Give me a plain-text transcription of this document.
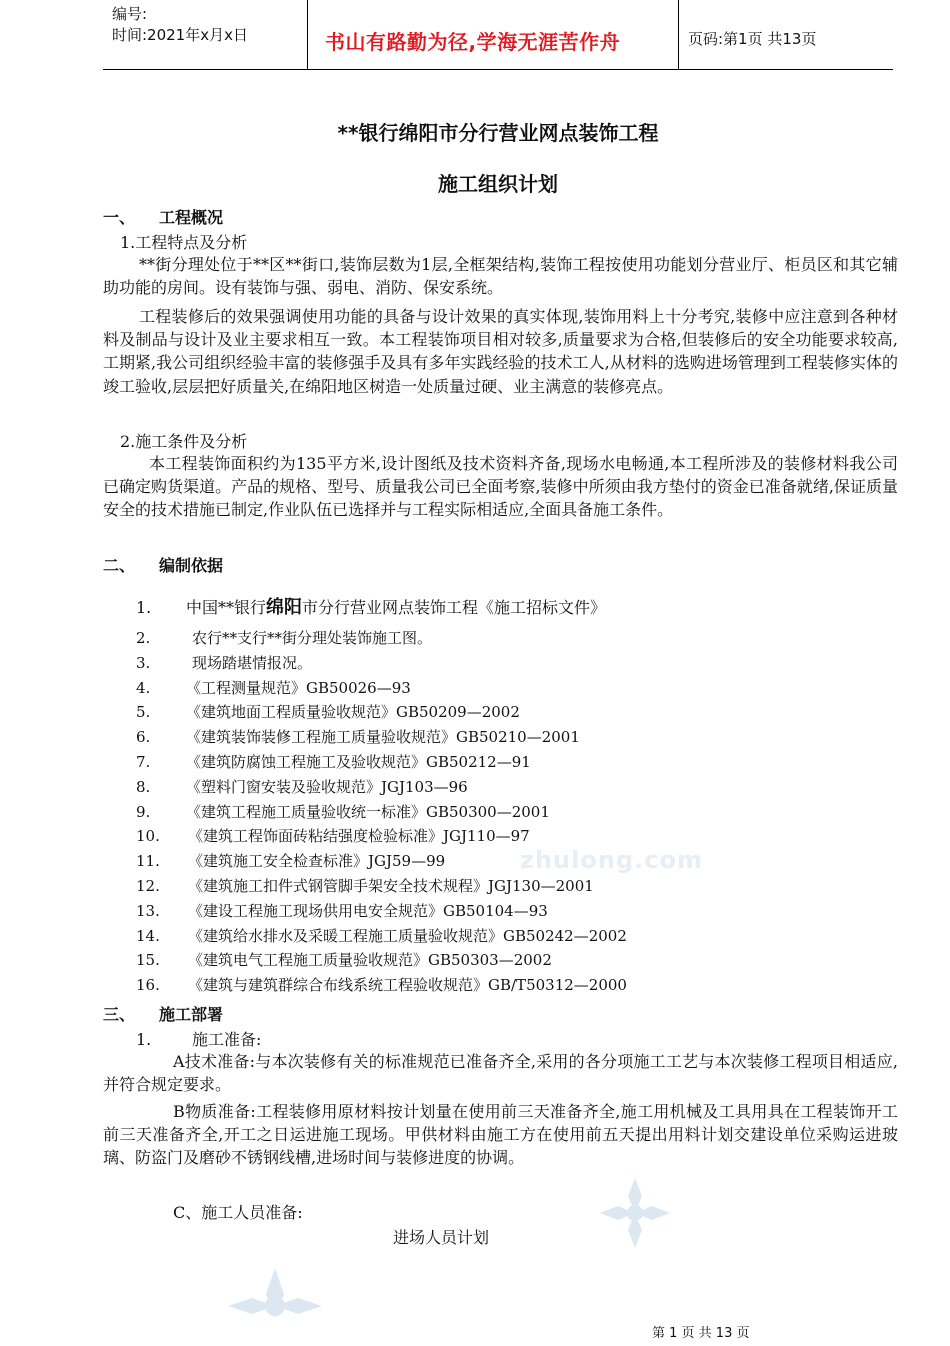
编号:
时间:2021年x月x日	书山有路勤为径,学海无涯苦作舟	页码:第1页 共13页
zhulong.com
**银行绵阳市分行营业网点装饰工程
施工组织计划
一、 工程概况
1.工程特点及分析
**街分理处位于**区**街口,装饰层数为1层,全框架结构,装饰工程按使用功能划分营业厅、柜员区和其它辅助功能的房间。设有装饰与强、弱电、消防、保安系统。
工程装修后的效果强调使用功能的具备与设计效果的真实体现,装饰用料上十分考究,装修中应注意到各种材料及制品与设计及业主要求相互一致。本工程装饰项目相对较多,质量要求为合格,但装修后的安全功能要求较高,工期紧,我公司组织经验丰富的装修强手及具有多年实践经验的技术工人,从材料的选购进场管理到工程装修实体的竣工验收,层层把好质量关,在绵阳地区树造一处质量过硬、业主满意的装修亮点。
2.施工条件及分析
本工程装饰面积约为135平方米,设计图纸及技术资料齐备,现场水电畅通,本工程所涉及的装修材料我公司已确定购货渠道。产品的规格、型号、质量我公司已全面考察,装修中所须由我方垫付的资金已准备就绪,保证质量安全的技术措施已制定,作业队伍已选择并与工程实际相适应,全面具备施工条件。
二、 编制依据
1. 中国**银行绵阳市分行营业网点装饰工程《施工招标文件》
2.	农行**支行**街分理处装饰施工图。
3.	现场踏堪情报况。
4. 《工程测量规范》GB50026—93
5. 《建筑地面工程质量验收规范》GB50209—2002
6. 《建筑装饰装修工程施工质量验收规范》GB50210—2001
7. 《建筑防腐蚀工程施工及验收规范》GB50212—91
8. 《塑料门窗安装及验收规范》JGJ103—96
9. 《建筑工程施工质量验收统一标准》GB50300—2001
10. 《建筑工程饰面砖粘结强度检验标准》JGJ110—97
11. 《建筑施工安全检查标准》JGJ59—99
12. 《建筑施工扣件式钢管脚手架安全技术规程》JGJ130—2001
13. 《建设工程施工现场供用电安全规范》GB50104—93
14. 《建筑给水排水及采暖工程施工质量验收规范》GB50242—2002
15. 《建筑电气工程施工质量验收规范》GB50303—2002
16. 《建筑与建筑群综合布线系统工程验收规范》GB/T50312—2000
三、 施工部署
1.	施工准备:
A技术准备:与本次装修有关的标准规范已准备齐全,采用的各分项施工工艺与本次装修工程项目相适应,并符合规定要求。
B物质准备:工程装修用原材料按计划量在使用前三天准备齐全,施工用机械及工具用具在工程装饰开工前三天准备齐全,开工之日运进施工现场。甲供材料由施工方在使用前五天提出用料计划交建设单位采购运进玻璃、防盗门及磨砂不锈钢线槽,进场时间与装修进度的协调。
C、施工人员准备:
进场人员计划
第 1 页 共 13 页
